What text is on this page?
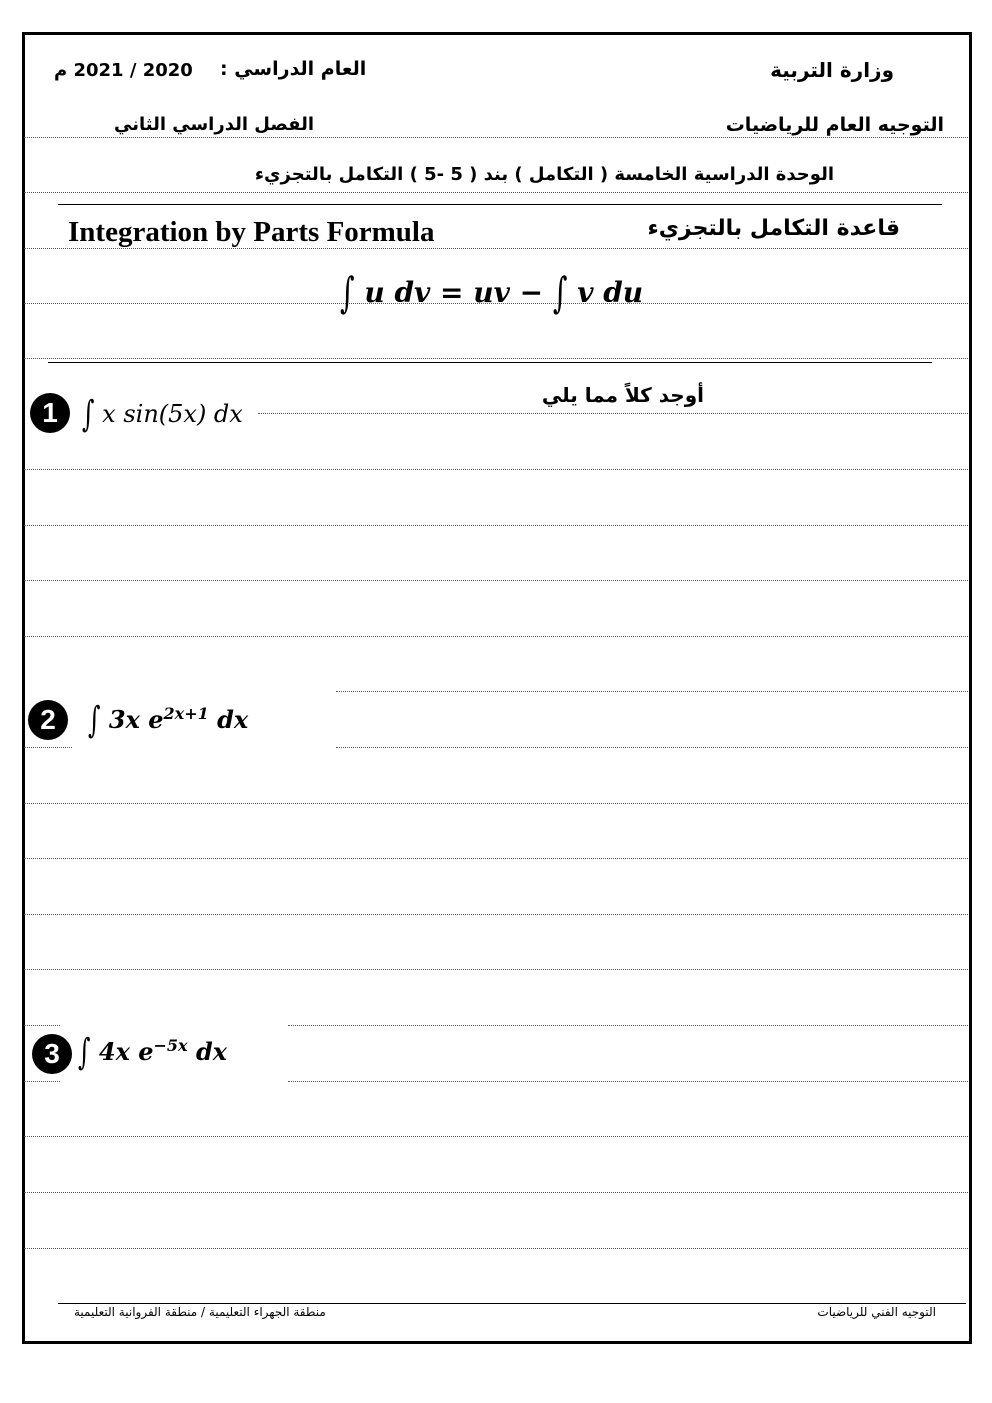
وزارة التربية
العام الدراسي :
2020 / 2021 م
التوجيه العام للرياضيات
الفصل الدراسي الثاني
الوحدة الدراسية الخامسة ( التكامل ) بند ( 5 -5 ) التكامل بالتجزيء
Integration by Parts Formula	قاعدة التكامل بالتجزيء
∫ u dv = uv − ∫ v du
أوجد كلاً مما يلي
1	∫ x sin(5x) dx
2	∫ 3x $e^{2x+1}$ dx
3 ∫ 4x $e^{-5x}$ dx
منطقة الجهراء التعليمية / منطقة الفروانية التعليمية	التوجيه الفني للرياضيات
